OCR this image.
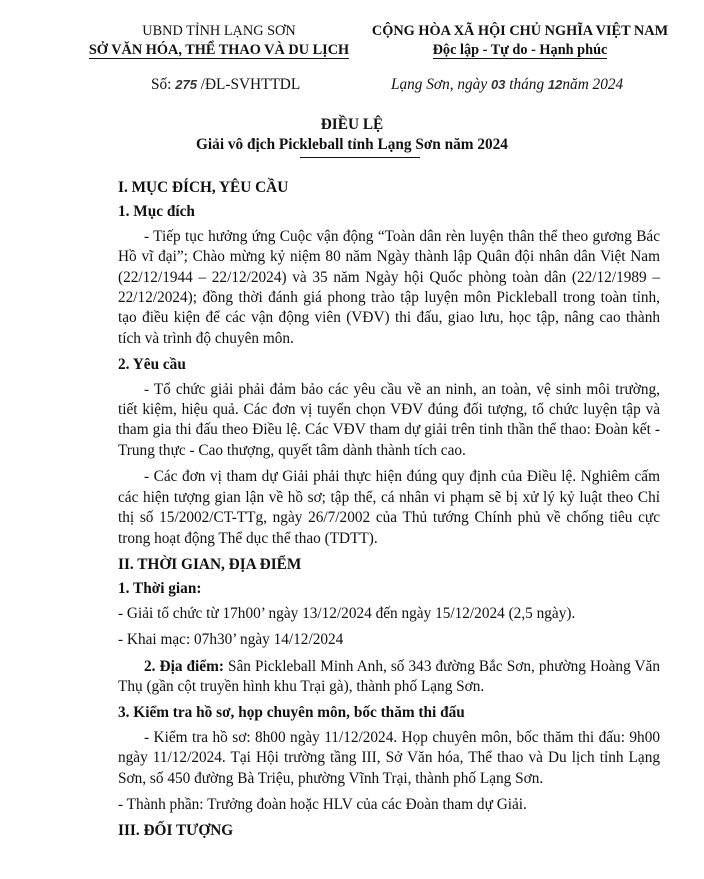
UBND TỈNH LẠNG SƠN
SỞ VĂN HÓA, THỂ THAO VÀ DU LỊCH
CỘNG HÒA XÃ HỘI CHỦ NGHĨA VIỆT NAM
Độc lập - Tự do - Hạnh phúc
Số: 275 /ĐL-SVHTTDL	Lạng Sơn, ngày 03 tháng 12năm 2024
ĐIỀU LỆ
Giải vô địch Pickleball tỉnh Lạng Sơn năm 2024

I. MỤC ĐÍCH, YÊU CẦU

1. Mục đích

- Tiếp tục hưởng ứng Cuộc vận động “Toàn dân rèn luyện thân thể theo gương Bác Hồ vĩ đại”; Chào mừng kỷ niệm 80 năm Ngày thành lập Quân đội nhân dân Việt Nam (22/12/1944 – 22/12/2024) và 35 năm Ngày hội Quốc phòng toàn dân (22/12/1989 – 22/12/2024); đồng thời đánh giá phong trào tập luyện môn Pickleball trong toàn tỉnh, tạo điều kiện để các vận động viên (VĐV) thi đấu, giao lưu, học tập, nâng cao thành tích và trình độ chuyên môn.

2. Yêu cầu

- Tổ chức giải phải đảm bảo các yêu cầu về an ninh, an toàn, vệ sinh môi trường, tiết kiệm, hiệu quả. Các đơn vị tuyển chọn VĐV đúng đối tượng, tổ chức luyện tập và tham gia thi đấu theo Điều lệ. Các VĐV tham dự giải trên tinh thần thể thao: Đoàn kết - Trung thực - Cao thượng, quyết tâm dành thành tích cao.

- Các đơn vị tham dự Giải phải thực hiện đúng quy định của Điều lệ. Nghiêm cấm các hiện tượng gian lận về hồ sơ; tập thể, cá nhân vi phạm sẽ bị xử lý kỷ luật theo Chỉ thị số 15/2002/CT-TTg, ngày 26/7/2002 của Thủ tướng Chính phủ về chống tiêu cực trong hoạt động Thể dục thể thao (TDTT).

II. THỜI GIAN, ĐỊA ĐIỂM

1. Thời gian:

- Giải tổ chức từ 17h00’ ngày 13/12/2024 đến ngày 15/12/2024 (2,5 ngày).

- Khai mạc: 07h30’ ngày 14/12/2024

2. Địa điểm: Sân Pickleball Minh Anh, số 343 đường Bắc Sơn, phường Hoàng Văn Thụ (gần cột truyền hình khu Trại gà), thành phố Lạng Sơn.

3. Kiểm tra hồ sơ, họp chuyên môn, bốc thăm thi đấu

- Kiểm tra hồ sơ: 8h00 ngày 11/12/2024. Họp chuyên môn, bốc thăm thi đấu: 9h00 ngày 11/12/2024. Tại Hội trường tầng III, Sở Văn hóa, Thể thao và Du lịch tỉnh Lạng Sơn, số 450 đường Bà Triệu, phường Vĩnh Trại, thành phố Lạng Sơn.

- Thành phần: Trưởng đoàn hoặc HLV của các Đoàn tham dự Giải.

III. ĐỐI TƯỢNG
